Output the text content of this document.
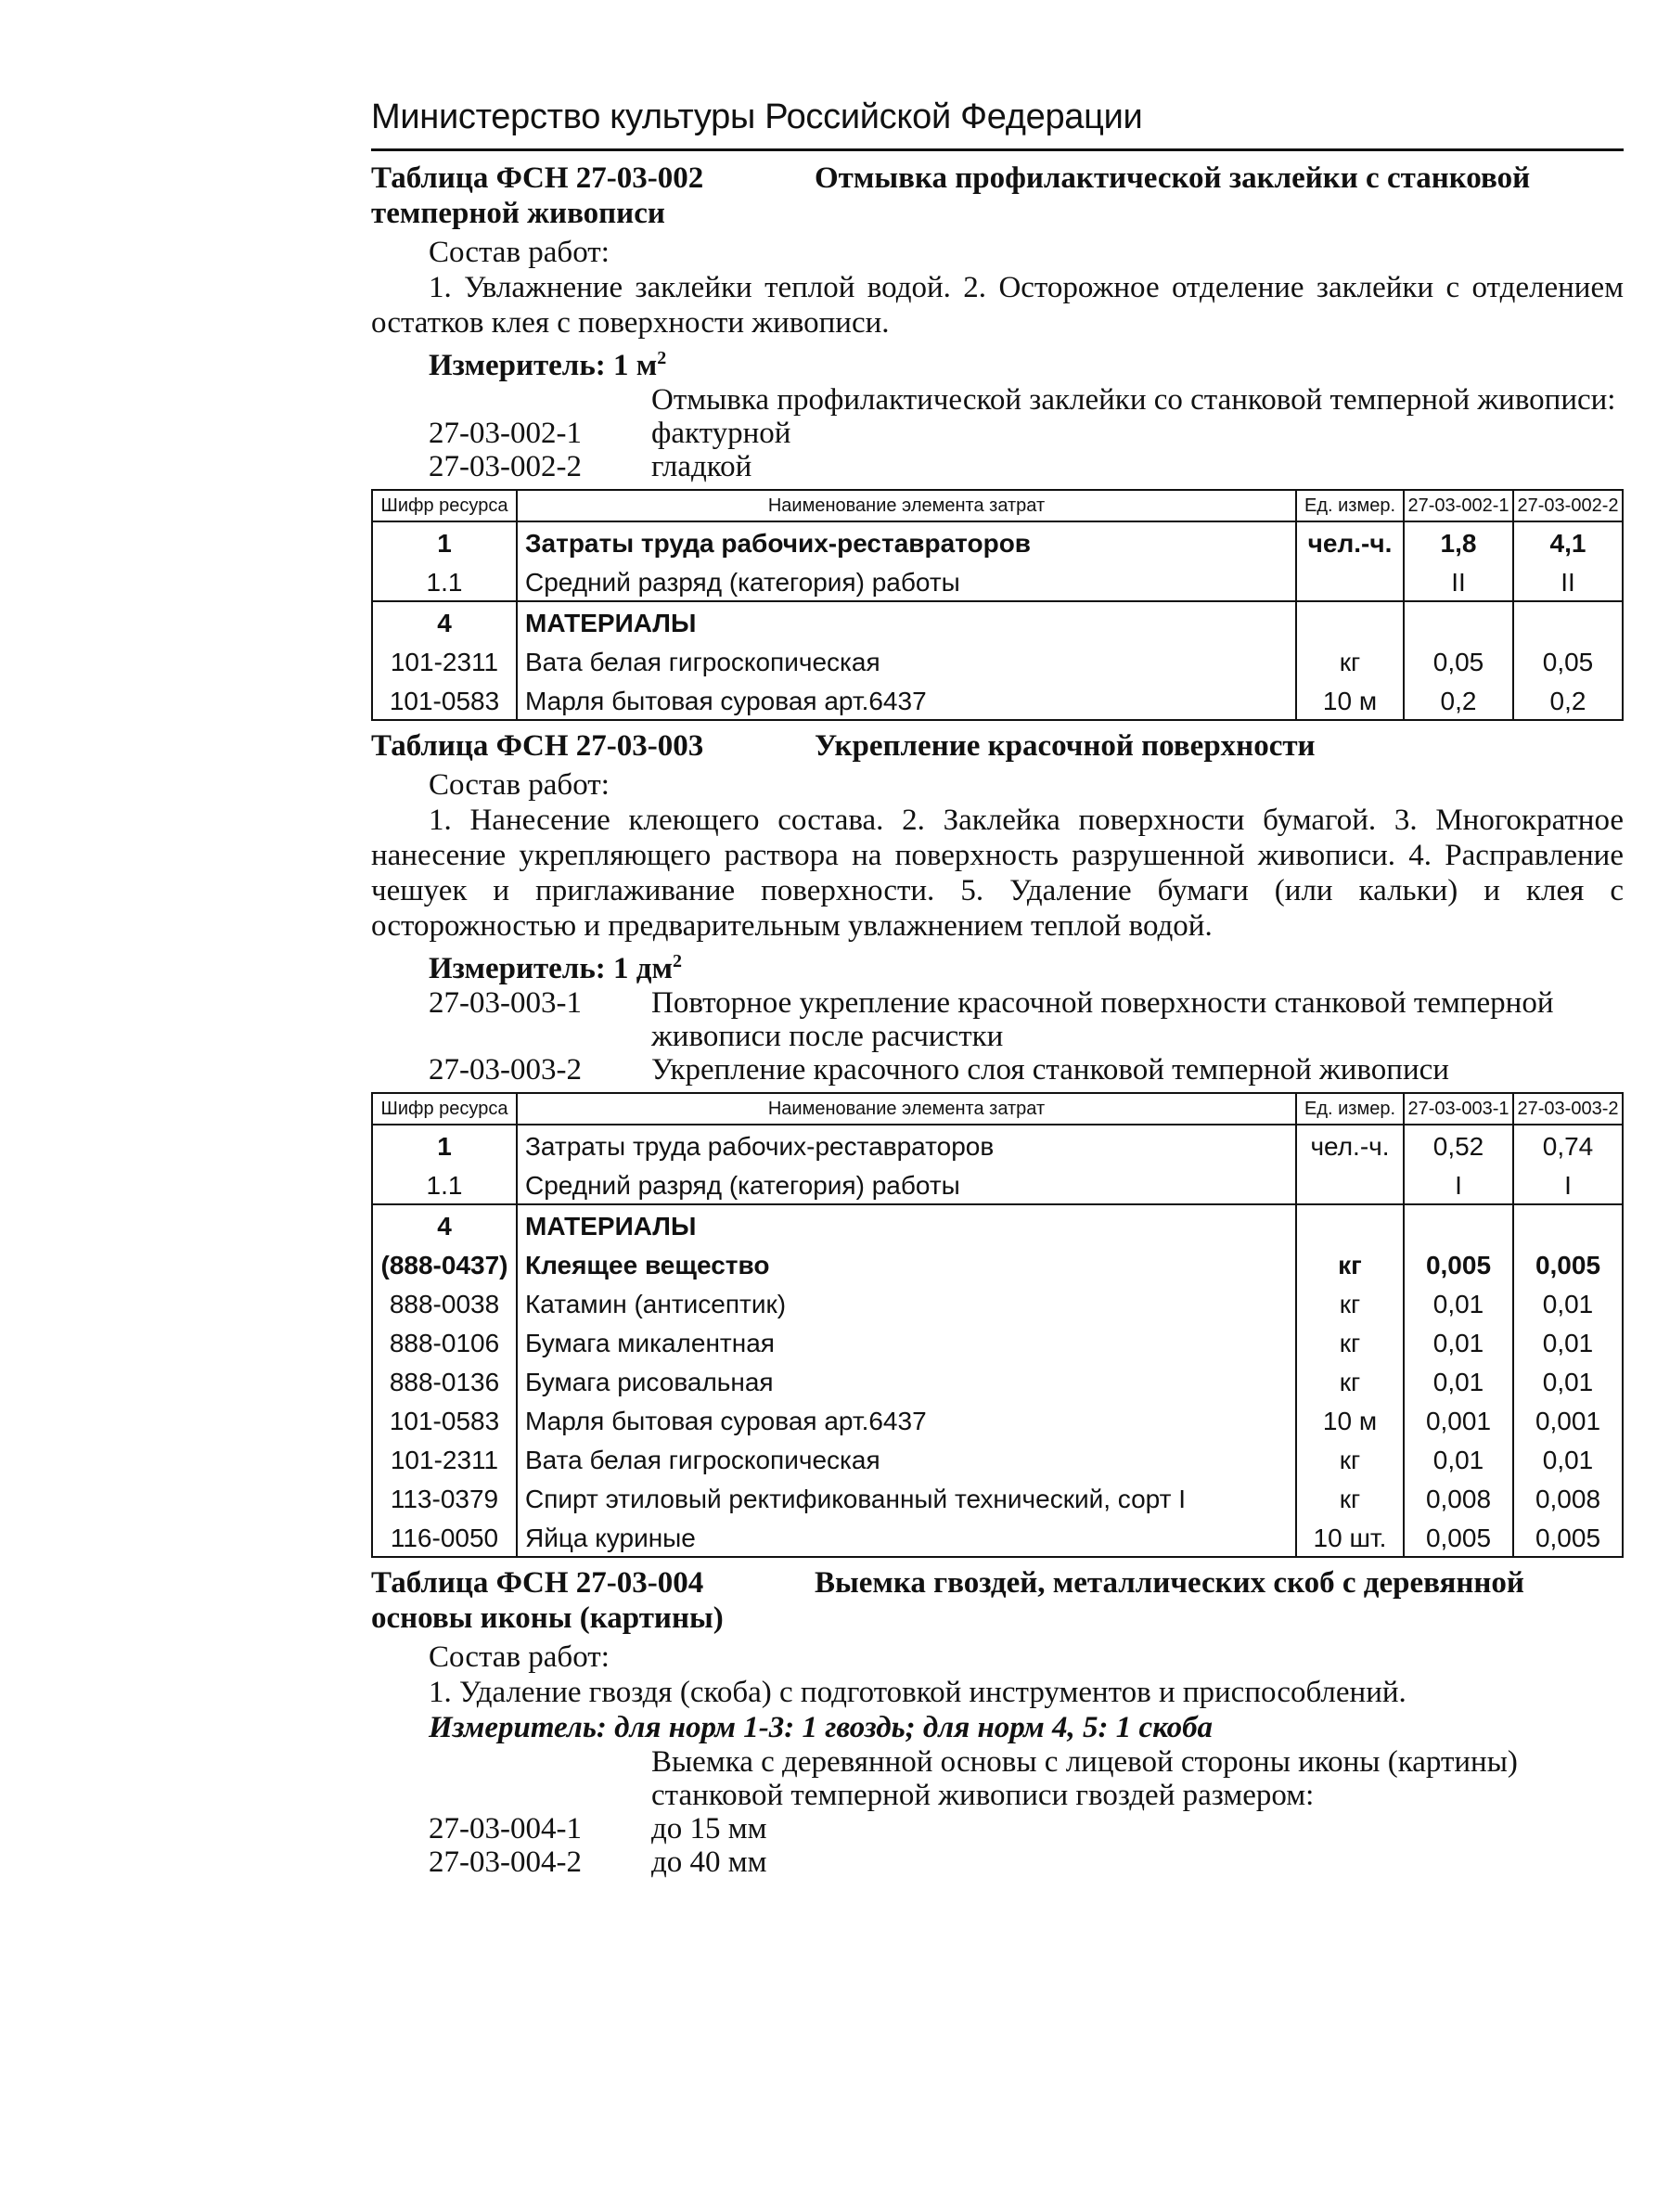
Министерство культуры Российской Федерации
Таблица ФСН 27-03-002	Отмывка профилактической заклейки с станковой темперной живописи

Состав работ:

1. Увлажнение заклейки теплой водой. 2. Осторожное отделение заклейки с отделением остатков клея с поверхности живописи.

Измеритель: 1 $м^2$
Отмывка профилактической заклейки со станковой темперной живописи:
27-03-002-1	фактурной
27-03-002-2	гладкой
Шифр ресурса	Наименование элемента затрат	Ед. измер.	27-03-002-1	27-03-002-2
1	Затраты труда рабочих-реставраторов	чел.-ч.	1,8	4,1
1.1	Средний разряд (категория) работы		II	II
4	МАТЕРИАЛЫ			
101-2311	Вата белая гигроскопическая	кг	0,05	0,05
101-0583	Марля бытовая суровая арт.6437	10 м	0,2	0,2
Таблица ФСН 27-03-003	Укрепление красочной поверхности

Состав работ:

1. Нанесение клеющего состава. 2. Заклейка поверхности бумагой. 3. Многократное нанесение укрепляющего раствора на поверхность разрушенной живописи. 4. Расправление чешуек и приглаживание поверхности. 5. Удаление бумаги (или кальки) и клея с осторожностью и предварительным увлажнением теплой водой.

Измеритель: 1 $дм^2$
27-03-003-1	Повторное укрепление красочной поверхности станковой темперной живописи после расчистки
27-03-003-2	Укрепление красочного слоя станковой темперной живописи
Шифр ресурса	Наименование элемента затрат	Ед. измер.	27-03-003-1	27-03-003-2
1	Затраты труда рабочих-реставраторов	чел.-ч.	0,52	0,74
1.1	Средний разряд (категория) работы		I	I
4	МАТЕРИАЛЫ			
(888-0437)	Клеящее вещество	кг	0,005	0,005
888-0038	Катамин (антисептик)	кг	0,01	0,01
888-0106	Бумага микалентная	кг	0,01	0,01
888-0136	Бумага рисовальная	кг	0,01	0,01
101-0583	Марля бытовая суровая арт.6437	10 м	0,001	0,001
101-2311	Вата белая гигроскопическая	кг	0,01	0,01
113-0379	Спирт этиловый ректификованный технический, сорт I	кг	0,008	0,008
116-0050	Яйца куриные	10 шт.	0,005	0,005
Таблица ФСН 27-03-004	Выемка гвоздей, металлических скоб с деревянной основы иконы (картины)

Состав работ:

1. Удаление гвоздя (скоба) с подготовкой инструментов и приспособлений.

Измеритель: для норм 1-3: 1 гвоздь; для норм 4, 5: 1 скоба
Выемка с деревянной основы с лицевой стороны иконы (картины) станковой темперной живописи гвоздей размером:
27-03-004-1	до 15 мм
27-03-004-2	до 40 мм
